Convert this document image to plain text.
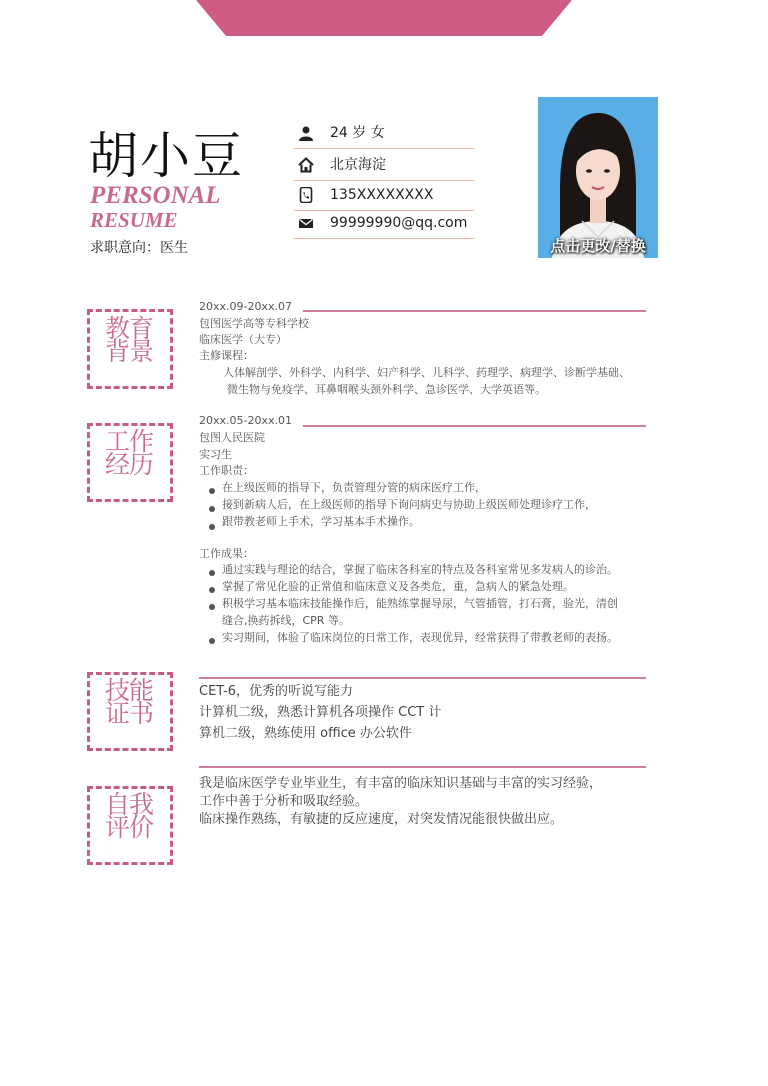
胡小豆
PERSONAL
RESUME
求职意向：医生
24 岁 女
北京海淀
135XXXXXXXX
99999990@qq.com
点击更改/替换
教育
背景
20xx.09-20xx.07
包图医学高等专科学校
临床医学（大专）
主修课程：
人体解剖学、外科学、内科学、妇产科学、儿科学、药理学、病理学、诊断学基础、
微生物与免疫学、耳鼻咽喉头颈外科学、急诊医学、大学英语等。
工作
经历
20xx.05-20xx.01
包图人民医院
实习生
工作职责：
在上级医师的指导下，负责管理分管的病床医疗工作，
接到新病人后，在上级医师的指导下询问病史与协助上级医师处理诊疗工作，
跟带教老师上手术，学习基本手术操作。
工作成果：
通过实践与理论的结合，掌握了临床各科室的特点及各科室常见多发病人的诊治。
掌握了常见化验的正常值和临床意义及各类危，重，急病人的紧急处理。
积极学习基本临床技能操作后，能熟练掌握导尿，气管插管，打石膏，验光，清创
缝合,换药拆线，CPR 等。
实习期间，体验了临床岗位的日常工作，表现优异，经常获得了带教老师的表扬。
技能
证书
CET-6，优秀的听说写能力
计算机二级，熟悉计算机各项操作 CCT 计
算机二级，熟练使用 office 办公软件
自我
评价
我是临床医学专业毕业生，有丰富的临床知识基础与丰富的实习经验，
工作中善于分析和吸取经验。
临床操作熟练，有敏捷的反应速度，对突发情况能很快做出应。
